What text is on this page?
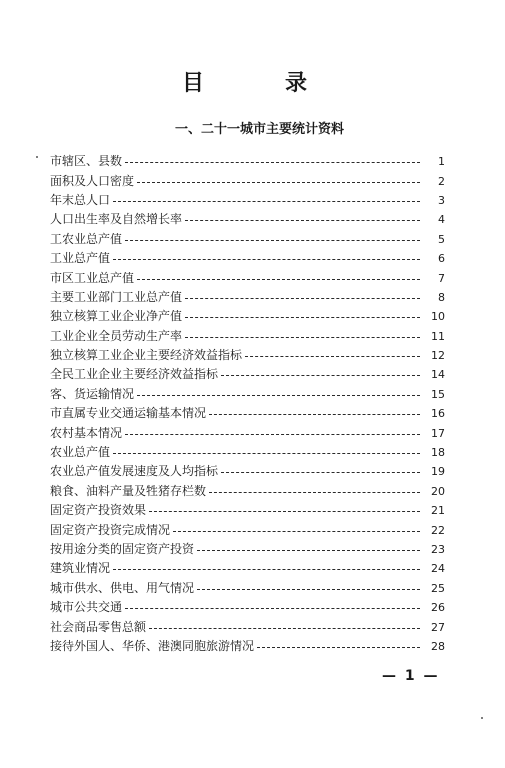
目	录
一、二十一城市主要统计资料
市辖区、县数	1
面积及人口密度	2
年末总人口	3
人口出生率及自然增长率	4
工农业总产值	5
工业总产值	6
市区工业总产值	7
主要工业部门工业总产值	8
独立核算工业企业净产值	10
工业企业全员劳动生产率	11
独立核算工业企业主要经济效益指标	12
全民工业企业主要经济效益指标	14
客、货运输情况	15
市直属专业交通运输基本情况	16
农村基本情况	17
农业总产值	18
农业总产值发展速度及人均指标	19
粮食、油料产量及牲猪存栏数	20
固定资产投资效果	21
固定资产投资完成情况	22
按用途分类的固定资产投资	23
建筑业情况	24
城市供水、供电、用气情况	25
城市公共交通	26
社会商品零售总额	27
接待外国人、华侨、港澳同胞旅游情况	28
— 1 —
